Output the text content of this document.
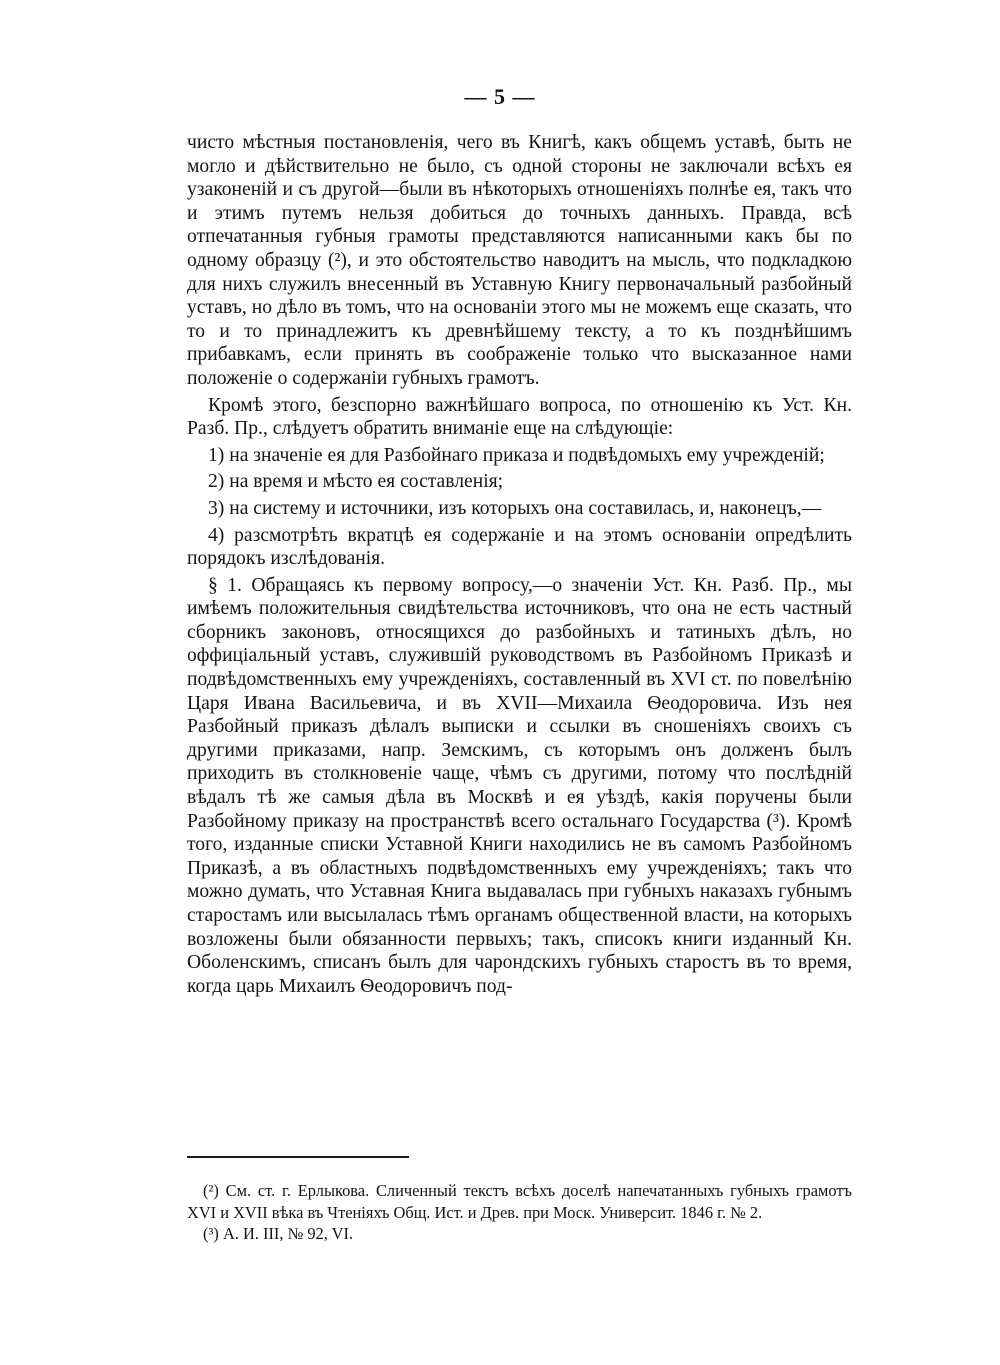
— 5 —

чисто мѣстныя постановленія, чего въ Книгѣ, какъ общемъ уставѣ, быть не могло и дѣйствительно не было, съ одной стороны не заключали всѣхъ ея узаконеній и съ другой—были въ нѣкоторыхъ отношеніяхъ полнѣе ея, такъ что и этимъ путемъ нельзя добиться до точныхъ данныхъ. Правда, всѣ отпечатанныя губныя грамоты представляются написанными какъ бы по одному образцу (²), и это обстоятельство наводитъ на мысль, что подкладкою для нихъ служилъ внесенный въ Уставную Книгу первоначальный разбойный уставъ, но дѣло въ томъ, что на основаніи этого мы не можемъ еще сказать, что то и то принадлежитъ къ древнѣйшему тексту, а то къ позднѣйшимъ прибавкамъ, если принять въ соображеніе только что высказанное нами положеніе о содержаніи губныхъ грамотъ.

Кромѣ этого, безспорно важнѣйшаго вопроса, по отношенію къ Уст. Кн. Разб. Пр., слѣдуетъ обратить вниманіе еще на слѣдующіе:

1) на значеніе ея для Разбойнаго приказа и подвѣдомыхъ ему учрежденій;

2) на время и мѣсто ея составленія;

3) на систему и источники, изъ которыхъ она составилась, и, наконецъ,—

4) разсмотрѣть вкратцѣ ея содержаніе и на этомъ основаніи опредѣлить порядокъ изслѣдованія.

§ 1. Обращаясь къ первому вопросу,—о значеніи Уст. Кн. Разб. Пр., мы имѣемъ положительныя свидѣтельства источниковъ, что она не есть частный сборникъ законовъ, относящихся до разбойныхъ и татиныхъ дѣлъ, но оффиціальный уставъ, служившій руководствомъ въ Разбойномъ Приказѣ и подвѣдомственныхъ ему учрежденіяхъ, составленный въ XVI ст. по повелѣнію Царя Ивана Васильевича, и въ XVII—Михаила Ѳеодоровича. Изъ нея Разбойный приказъ дѣлалъ выписки и ссылки въ сношеніяхъ своихъ съ другими приказами, напр. Земскимъ, съ которымъ онъ долженъ былъ приходить въ столкновеніе чаще, чѣмъ съ другими, потому что послѣдній вѣдалъ тѣ же самыя дѣла въ Москвѣ и ея уѣздѣ, какія поручены были Разбойному приказу на пространствѣ всего остальнаго Государства (³). Кромѣ того, изданные списки Уставной Книги находились не въ самомъ Разбойномъ Приказѣ, а въ областныхъ подвѣдомственныхъ ему учрежденіяхъ; такъ что можно думать, что Уставная Книга выдавалась при губныхъ наказахъ губнымъ старостамъ или высылалась тѣмъ органамъ общественной власти, на которыхъ возложены были обязанности первыхъ; такъ, списокъ книги изданный Кн. Оболенскимъ, списанъ былъ для чарондскихъ губныхъ старостъ въ то время, когда царь Михаилъ Ѳеодоровичъ под-

(²) См. ст. г. Ерлыкова. Сличенный текстъ всѣхъ доселѣ напечатанныхъ губныхъ грамотъ XVI и XVII вѣка въ Чтеніяхъ Общ. Ист. и Древ. при Моск. Университ. 1846 г. № 2.

(³) А. И. III, № 92, VI.
